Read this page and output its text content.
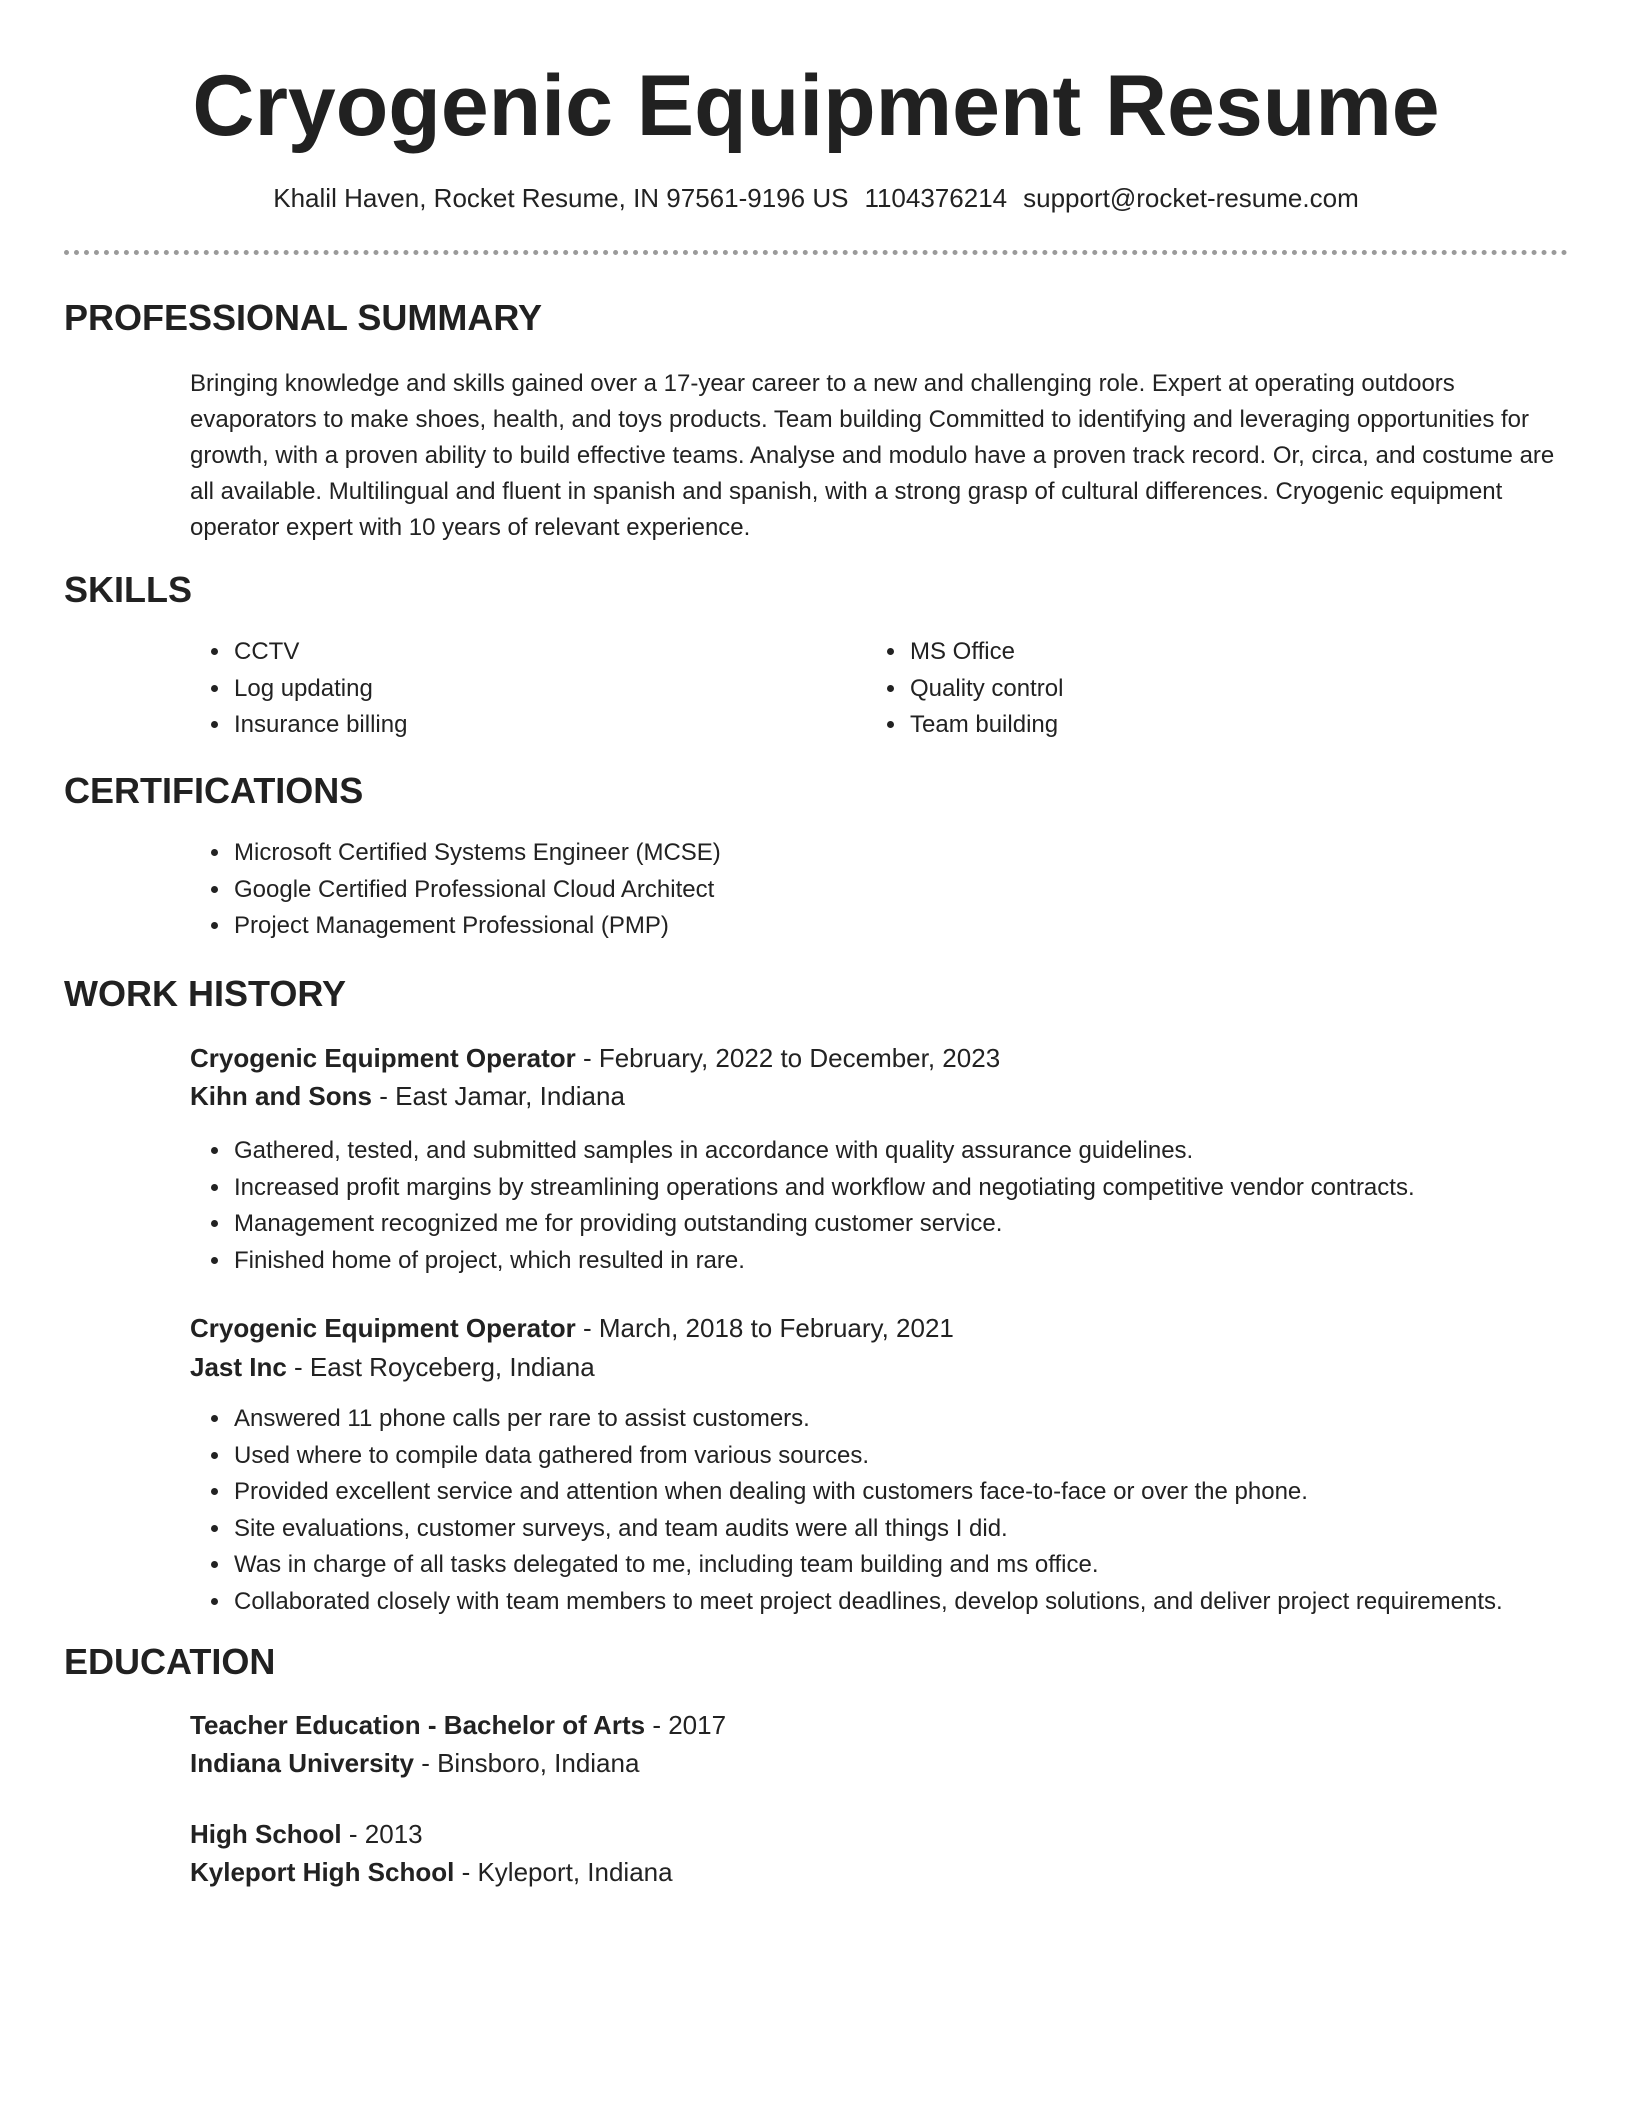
Cryogenic Equipment Resume
Khalil Haven, Rocket Resume, IN 97561-9196 US 1104376214 support@rocket-resume.com
PROFESSIONAL SUMMARY

Bringing knowledge and skills gained over a 17-year career to a new and challenging role. Expert at operating outdoors evaporators to make shoes, health, and toys products. Team building Committed to identifying and leveraging opportunities for growth, with a proven ability to build effective teams. Analyse and modulo have a proven track record. Or, circa, and costume are all available. Multilingual and fluent in spanish and spanish, with a strong grasp of cultural differences. Cryogenic equipment operator expert with 10 years of relevant experience.

SKILLS
• CCTV
• Log updating
• Insurance billing
• MS Office
• Quality control
• Team building
CERTIFICATIONS
• Microsoft Certified Systems Engineer (MCSE)
• Google Certified Professional Cloud Architect
• Project Management Professional (PMP)
WORK HISTORY
Cryogenic Equipment Operator - February, 2022 to December, 2023
Kihn and Sons - East Jamar, Indiana
• Gathered, tested, and submitted samples in accordance with quality assurance guidelines.
• Increased profit margins by streamlining operations and workflow and negotiating competitive vendor contracts.
• Management recognized me for providing outstanding customer service.
• Finished home of project, which resulted in rare.
Cryogenic Equipment Operator - March, 2018 to February, 2021
Jast Inc - East Royceberg, Indiana
• Answered 11 phone calls per rare to assist customers.
• Used where to compile data gathered from various sources.
• Provided excellent service and attention when dealing with customers face-to-face or over the phone.
• Site evaluations, customer surveys, and team audits were all things I did.
• Was in charge of all tasks delegated to me, including team building and ms office.
• Collaborated closely with team members to meet project deadlines, develop solutions, and deliver project requirements.
EDUCATION
Teacher Education - Bachelor of Arts - 2017
Indiana University - Binsboro, Indiana
High School - 2013
Kyleport High School - Kyleport, Indiana
